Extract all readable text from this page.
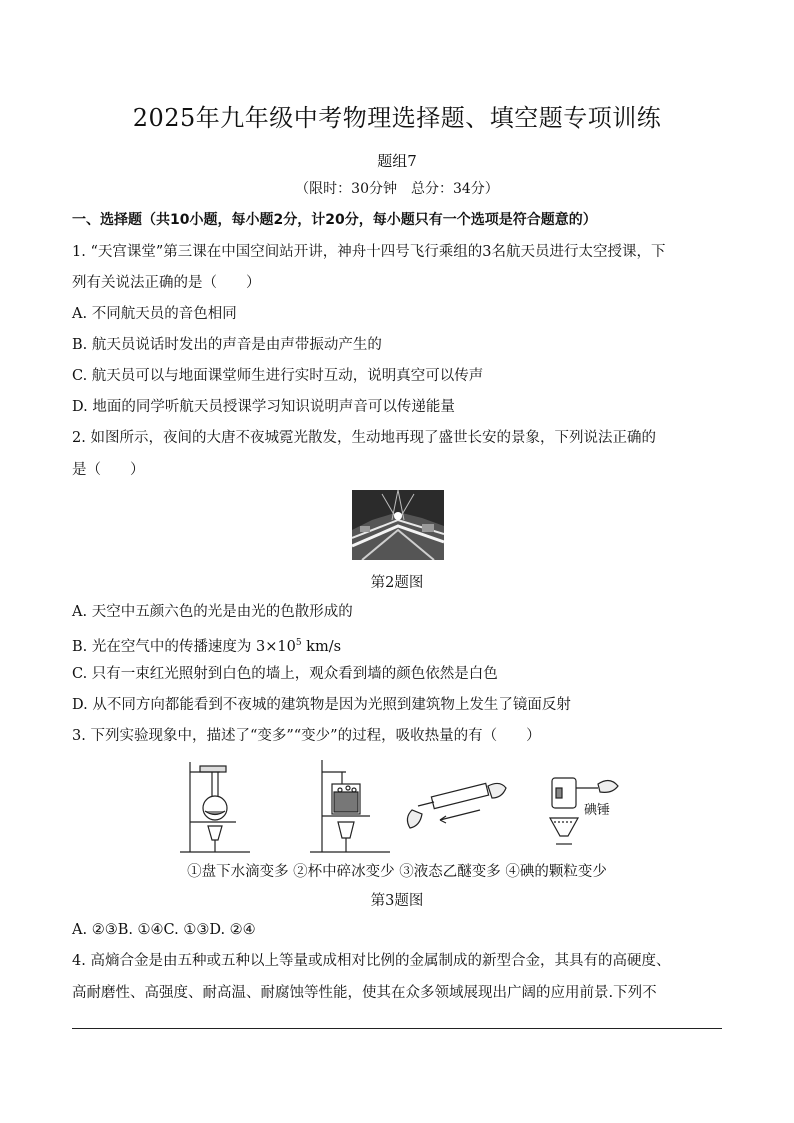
2025年九年级中考物理选择题、填空题专项训练
题组7
（限时：30分钟　总分：34分）
一、选择题（共10小题，每小题2分，计20分，每小题只有一个选项是符合题意的）
1. “天宫课堂”第三课在中国空间站开讲，神舟十四号飞行乘组的3名航天员进行太空授课，下
列有关说法正确的是（　　）
A. 不同航天员的音色相同
B. 航天员说话时发出的声音是由声带振动产生的
C. 航天员可以与地面课堂师生进行实时互动，说明真空可以传声
D. 地面的同学听航天员授课学习知识说明声音可以传递能量
2. 如图所示，夜间的大唐不夜城霓光散发，生动地再现了盛世长安的景象，下列说法正确的
是（　　）
第2题图
A. 天空中五颜六色的光是由光的色散形成的
B. 光在空气中的传播速度为 $3\times 10^5$ km/s
C. 只有一束红光照射到白色的墙上，观众看到墙的颜色依然是白色
D. 从不同方向都能看到不夜城的建筑物是因为光照到建筑物上发生了镜面反射
3. 下列实验现象中，描述了“变多”“变少”的过程，吸收热量的有（　　）
碘锤
①盘下水滴变多 ②杯中碎冰变少 ③液态乙醚变多 ④碘的颗粒变少
第3题图
A. ②③B. ①④C. ①③D. ②④
4. 高熵合金是由五种或五种以上等量或成相对比例的金属制成的新型合金，其具有的高硬度、
高耐磨性、高强度、耐高温、耐腐蚀等性能，使其在众多领域展现出广阔的应用前景.下列不
